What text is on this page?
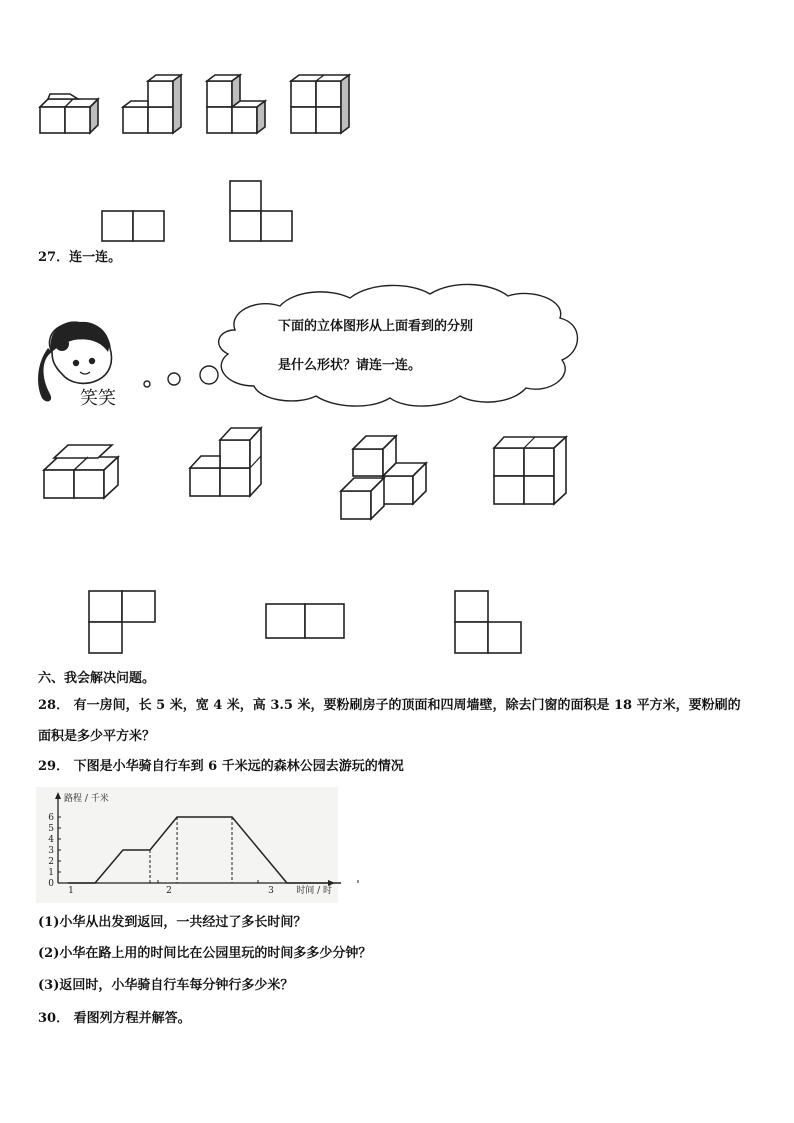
27．连一连。
笑笑
下面的立体图形从上面看到的分别
是什么形状？请连一连。
六、我会解决问题。
28． 有一房间，长 5 米，宽 4 米，高 3.5 米，要粉刷房子的顶面和四周墙壁，除去门窗的面积是 18 平方米，要粉刷的
面积是多少平方米？
29． 下图是小华骑自行车到 6 千米远的森林公园去游玩的情况
0
1
2
3
4
5
6
1	2	3
路程 / 千米
时间 / 时
(1)小华从出发到返回，一共经过了多长时间？
(2)小华在路上用的时间比在公园里玩的时间多多少分钟？
(3)返回时，小华骑自行车每分钟行多少米？
30． 看图列方程并解答。
